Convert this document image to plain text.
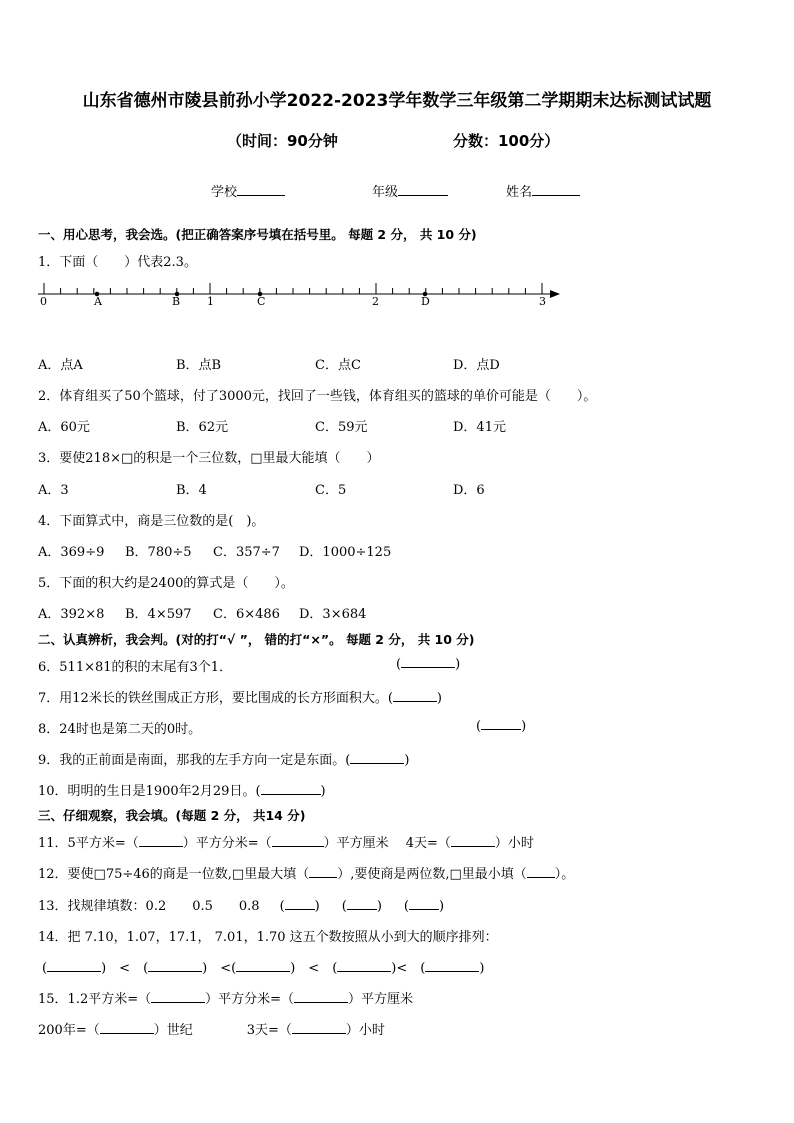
山东省德州市陵县前孙小学2022-2023学年数学三年级第二学期期末达标测试试题
（时间：90分钟	分数：100分）
学校	年级	姓名
一、用心思考，我会选。(把正确答案序号填在括号里。 每题 2 分， 共 10 分)
1．下面（　　）代表2.3。
0	A	B 1	C	2	D	3
A．点A	B．点B	C．点C	D．点D
2．体育组买了50个篮球，付了3000元，找回了一些钱，体育组买的篮球的单价可能是（　　）。
A．60元	B．62元	C．59元	D．41元
3．要使218×□的积是一个三位数，□里最大能填（　　）
A．3	B．4	C．5	D．6
4．下面算式中，商是三位数的是(　)。
A．369÷9 B．780÷5 C．357÷7 D．1000÷125
5．下面的积大约是2400的算式是（　　）。
A．392×8 B．4×597 C．6×486 D．3×684
二、认真辨析，我会判。(对的打“√ ”， 错的打“×”。 每题 2 分， 共 10 分)
6．511×81的积的末尾有3个1．	(	)
7．用12米长的铁丝围成正方形，要比围成的长方形面积大。(	)
8．24时也是第二天的0时。	(	)
9．我的正前面是南面，那我的左手方向一定是东面。(	)
10．明明的生日是1900年2月29日。(	)
三、仔细观察，我会填。(每题 2 分， 共14 分)
11．5平方米=（	）平方分米=（	）平方厘米　 4天=（	）小时
12．要使□75÷46的商是一位数,□里最大填（ ）,要使商是两位数,□里最小填（ ）。
13．找规律填数：0.2　　0.5　　0.8 ( ) ( ) ( )
14．把 7.10，1.07，17.1， 7.01，1.70 这五个数按照从小到大的顺序排列：
(	)　<　(	)　<(	)　<　(	)<　(	)
15．1.2平方米=（	）平方分米=（	）平方厘米
200年=（	）世纪	3天=（	）小时
